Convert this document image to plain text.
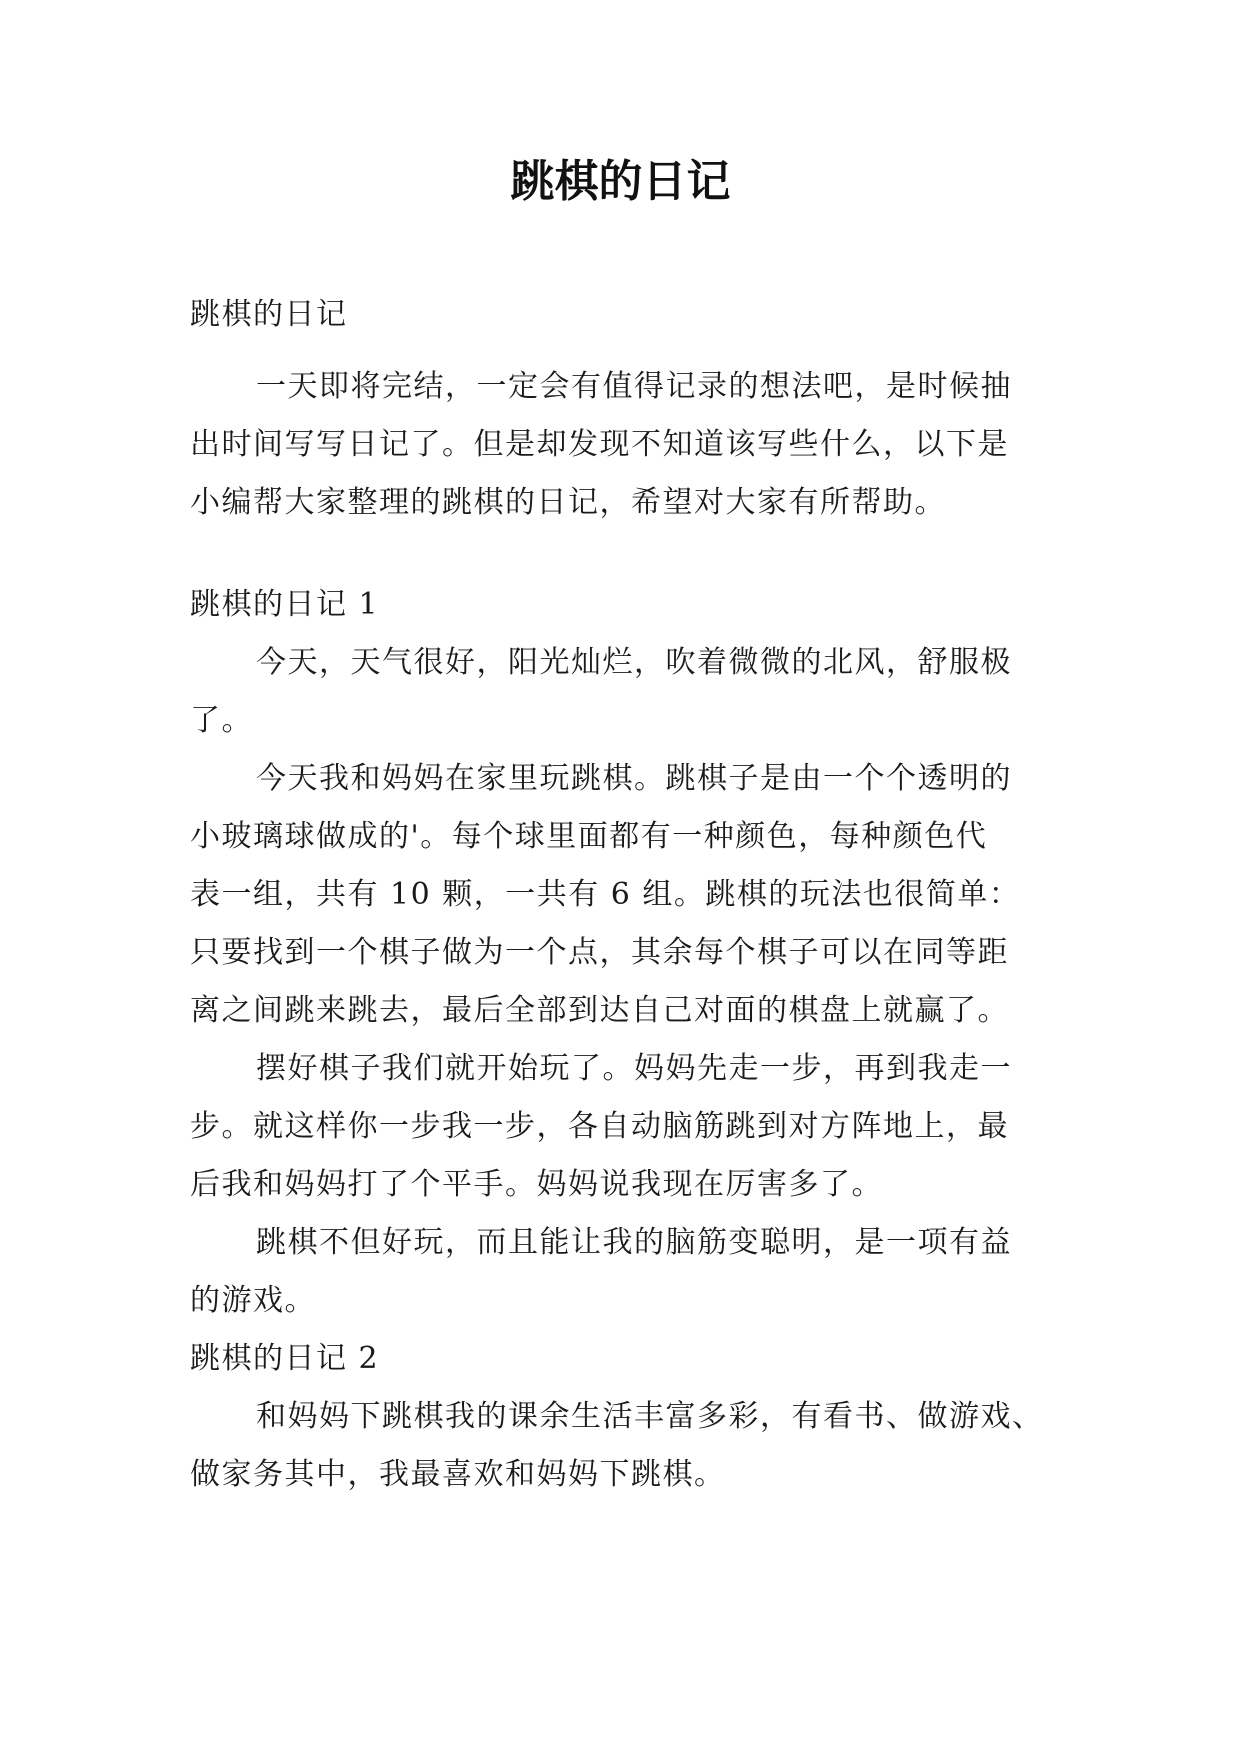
跳棋的日记

跳棋的日记

一天即将完结，一定会有值得记录的想法吧，是时候抽
出时间写写日记了。但是却发现不知道该写些什么，以下是
小编帮大家整理的跳棋的日记，希望对大家有所帮助。

跳棋的日记 1
今天，天气很好，阳光灿烂，吹着微微的北风，舒服极
了。
今天我和妈妈在家里玩跳棋。跳棋子是由一个个透明的
小玻璃球做成的'。每个球里面都有一种颜色，每种颜色代
表一组，共有 10 颗，一共有 6 组。跳棋的玩法也很简单：
只要找到一个棋子做为一个点，其余每个棋子可以在同等距
离之间跳来跳去，最后全部到达自己对面的棋盘上就赢了。
摆好棋子我们就开始玩了。妈妈先走一步，再到我走一
步。就这样你一步我一步，各自动脑筋跳到对方阵地上，最
后我和妈妈打了个平手。妈妈说我现在厉害多了。
跳棋不但好玩，而且能让我的脑筋变聪明，是一项有益
的游戏。
跳棋的日记 2
和妈妈下跳棋我的课余生活丰富多彩，有看书、做游戏、
做家务其中，我最喜欢和妈妈下跳棋。
